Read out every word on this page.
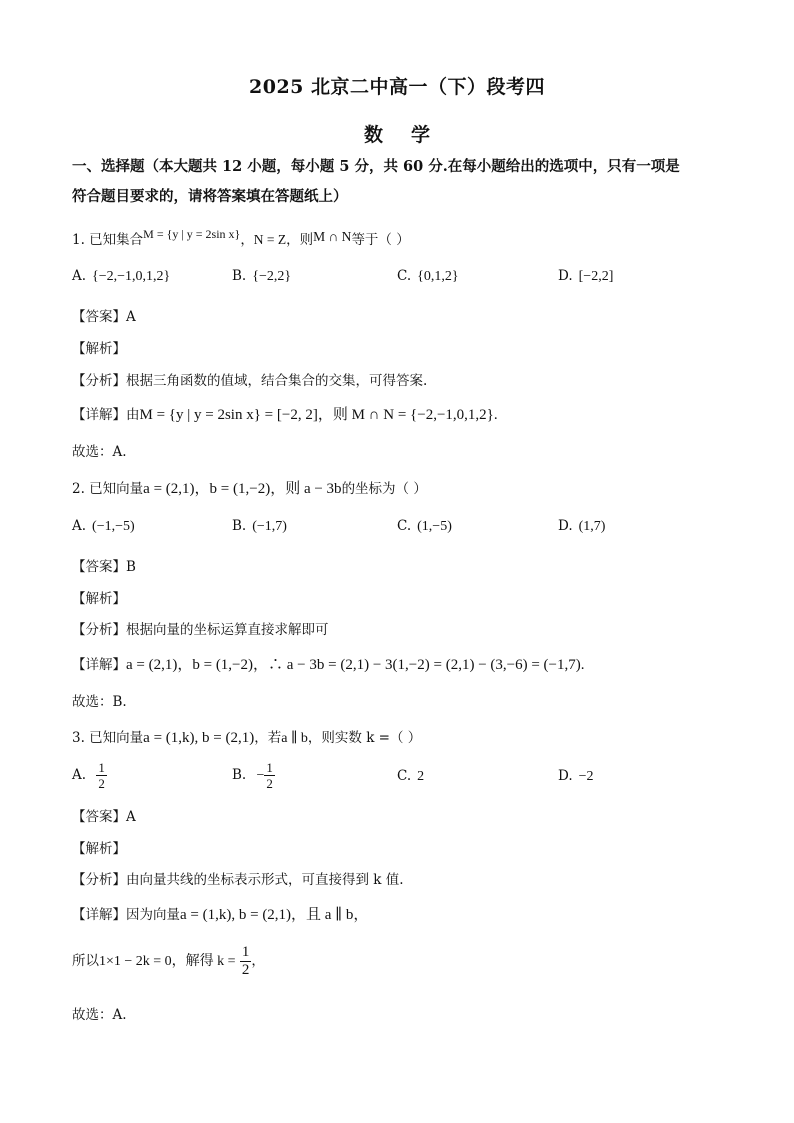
2025 北京二中高一（下）段考四
数学
一、选择题（本大题共 12 小题，每小题 5 分，共 60 分.在每小题给出的选项中，只有一项是
符合题目要求的，请将答案填在答题纸上）
1. 已知集合M = {y | y = 2sin x}，N = Z，则M ∩ N等于（ ）
A. {−2,−1,0,1,2}	B. {−2,2}	C. {0,1,2}	D. [−2,2]
【答案】A
【解析】
【分析】根据三角函数的值域，结合集合的交集，可得答案.
【详解】由M = {y | y = 2sin x} = [−2, 2]，则 M ∩ N = {−2,−1,0,1,2}.
故选：A.
2. 已知向量a = (2,1)，b = (1,−2)，则 a − 3b的坐标为（ ）
A. (−1,−5)	B. (−1,7)	C. (1,−5)	D. (1,7)
【答案】B
【解析】
【分析】根据向量的坐标运算直接求解即可
【详解】a = (2,1)，b = (1,−2)，∴ a − 3b = (2,1) − 3(1,−2) = (2,1) − (3,−6) = (−1,7).
故选：B.
3. 已知向量a = (1,k), b = (2,1)，若a ∥ b，则实数 k =（ ）
A. $\frac{1}{2}$	B. − $\frac{1}{2}$	C. 2	D. −2
【答案】A
【解析】
【分析】由向量共线的坐标表示形式，可直接得到 k 值.
【详解】因为向量a = (1,k), b = (2,1)，且 a ∥ b，
所以1×1 − 2k = 0，解得 $k = \frac{1}{2}$ ，
故选：A.
